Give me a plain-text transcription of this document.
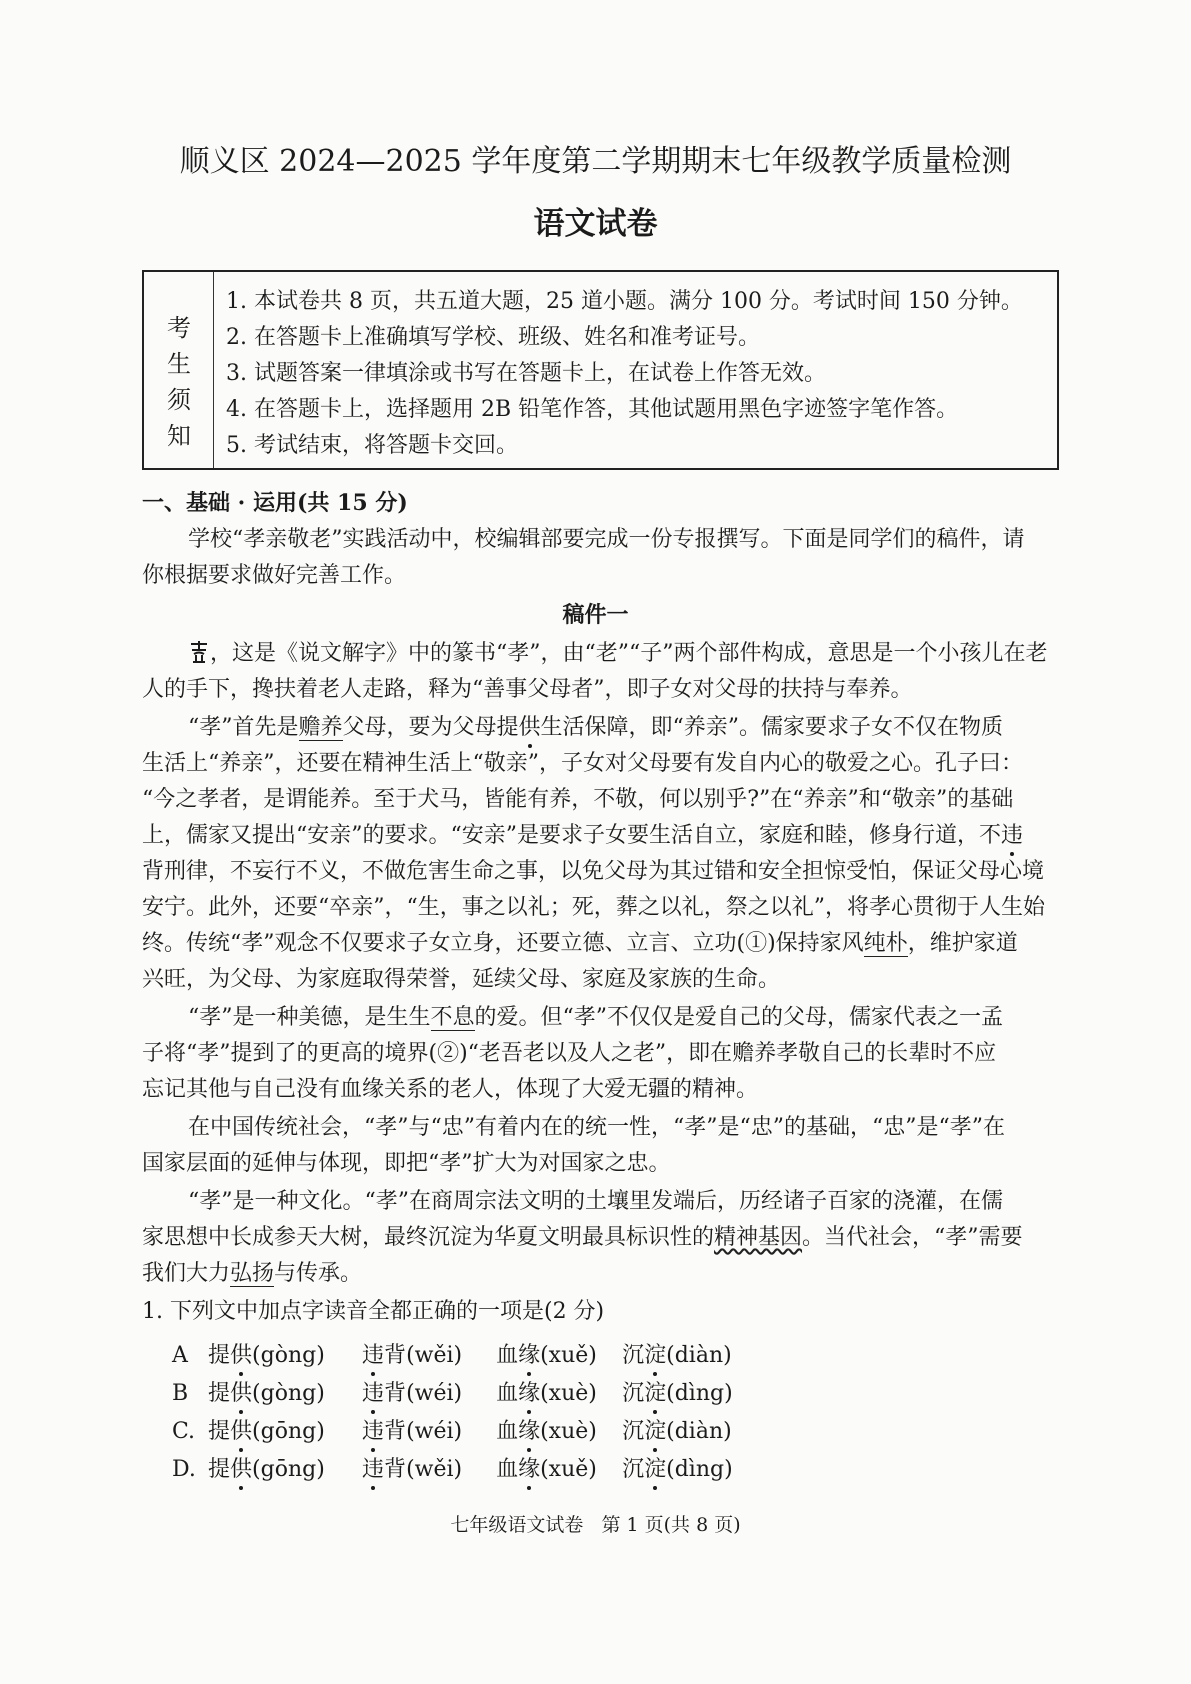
顺义区 2024—2025 学年度第二学期期末七年级教学质量检测
语文试卷
考
生
须
知
1. 本试卷共 8 页，共五道大题，25 道小题。满分 100 分。考试时间 150 分钟。
2. 在答题卡上准确填写学校、班级、姓名和准考证号。
3. 试题答案一律填涂或书写在答题卡上，在试卷上作答无效。
4. 在答题卡上，选择题用 2B 铅笔作答，其他试题用黑色字迹签字笔作答。
5. 考试结束，将答题卡交回。
一、基础 · 运用(共 15 分)
学校“孝亲敬老”实践活动中，校编辑部要完成一份专报撰写。下面是同学们的稿件，请
你根据要求做好完善工作。
稿件一
，这是《说文解字》中的篆书“孝”，由“老”“子”两个部件构成，意思是一个小孩儿在老
人的手下，搀扶着老人走路，释为“善事父母者”，即子女对父母的扶持与奉养。
“孝”首先是赡养父母，要为父母提供生活保障，即“养亲”。儒家要求子女不仅在物质
生活上“养亲”，还要在精神生活上“敬亲”，子女对父母要有发自内心的敬爱之心。孔子曰：
“今之孝者，是谓能养。至于犬马，皆能有养，不敬，何以别乎?”在“养亲”和“敬亲”的基础
上，儒家又提出“安亲”的要求。“安亲”是要求子女要生活自立，家庭和睦，修身行道，不违
背刑律，不妄行不义，不做危害生命之事，以免父母为其过错和安全担惊受怕，保证父母心境
安宁。此外，还要“卒亲”，“生，事之以礼；死，葬之以礼，祭之以礼”，将孝心贯彻于人生始
终。传统“孝”观念不仅要求子女立身，还要立德、立言、立功(①)保持家风纯朴，维护家道
兴旺，为父母、为家庭取得荣誉，延续父母、家庭及家族的生命。
“孝”是一种美德，是生生不息的爱。但“孝”不仅仅是爱自己的父母，儒家代表之一孟
子将“孝”提到了的更高的境界(②)“老吾老以及人之老”，即在赡养孝敬自己的长辈时不应
忘记其他与自己没有血缘关系的老人，体现了大爱无疆的精神。
在中国传统社会，“孝”与“忠”有着内在的统一性，“孝”是“忠”的基础，“忠”是“孝”在
国家层面的延伸与体现，即把“孝”扩大为对国家之忠。
“孝”是一种文化。“孝”在商周宗法文明的土壤里发端后，历经诸子百家的浇灌，在儒
家思想中长成参天大树，最终沉淀为华夏文明最具标识性的精神基因。当代社会，“孝”需要
我们大力弘扬与传承。
1. 下列文中加点字读音全都正确的一项是(2 分)
A 提供(gòng) 违背(wěi) 血缘(xuě) 沉淀(diàn)
B 提供(gòng) 违背(wéi) 血缘(xuè) 沉淀(dìng)
C. 提供(gōng) 违背(wéi) 血缘(xuè) 沉淀(diàn)
D. 提供(gōng) 违背(wěi) 血缘(xuě) 沉淀(dìng)
七年级语文试卷   第 1 页(共 8 页)
